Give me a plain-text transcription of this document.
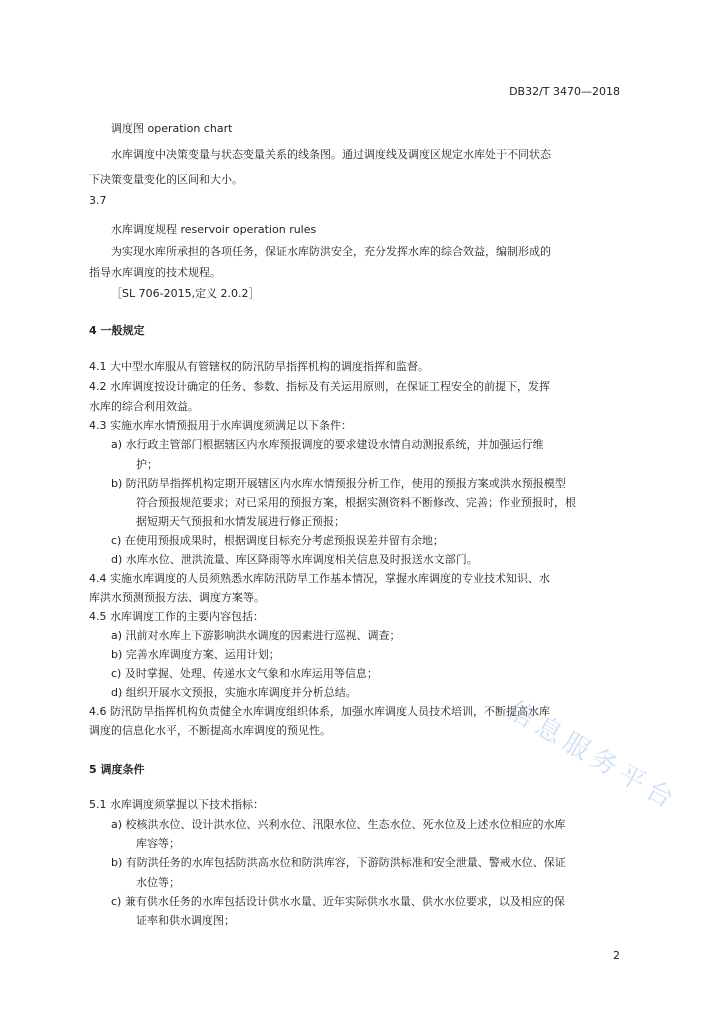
DB32/T 3470—2018
调度图 operation chart
水库调度中决策变量与状态变量关系的线条图。通过调度线及调度区规定水库处于不同状态
下决策变量变化的区间和大小。
3.7
水库调度规程 reservoir operation rules
为实现水库所承担的各项任务，保证水库防洪安全，充分发挥水库的综合效益，编制形成的
指导水库调度的技术规程。
［SL 706-2015,定义 2.0.2］
4 一般规定
4.1 大中型水库服从有管辖权的防汛防旱指挥机构的调度指挥和监督。
4.2 水库调度按设计确定的任务、参数、指标及有关运用原则，在保证工程安全的前提下，发挥
水库的综合利用效益。
4.3 实施水库水情预报用于水库调度须满足以下条件：
a) 水行政主管部门根据辖区内水库预报调度的要求建设水情自动测报系统，并加强运行维
护；
b) 防汛防旱指挥机构定期开展辖区内水库水情预报分析工作，使用的预报方案或洪水预报模型
符合预报规范要求；对已采用的预报方案，根据实测资料不断修改、完善；作业预报时，根
据短期天气预报和水情发展进行修正预报；
c) 在使用预报成果时，根据调度目标充分考虑预报误差并留有余地；
d) 水库水位、泄洪流量、库区降雨等水库调度相关信息及时报送水文部门。
4.4 实施水库调度的人员须熟悉水库防汛防旱工作基本情况，掌握水库调度的专业技术知识、水
库洪水预测预报方法、调度方案等。
4.5 水库调度工作的主要内容包括：
a) 汛前对水库上下游影响洪水调度的因素进行巡视、调查；
b) 完善水库调度方案、运用计划；
c) 及时掌握、处理、传递水文气象和水库运用等信息；
d) 组织开展水文预报，实施水库调度并分析总结。
4.6 防汛防旱指挥机构负责健全水库调度组织体系，加强水库调度人员技术培训，不断提高水库
调度的信息化水平，不断提高水库调度的预见性。
5 调度条件
5.1 水库调度须掌握以下技术指标：
a) 校核洪水位、设计洪水位、兴利水位、汛限水位、生态水位、死水位及上述水位相应的水库
库容等；
b) 有防洪任务的水库包括防洪高水位和防洪库容，下游防洪标准和安全泄量、警戒水位、保证
水位等；
c) 兼有供水任务的水库包括设计供水水量、近年实际供水水量、供水水位要求，以及相应的保
证率和供水调度图；
信息服务平台
2
